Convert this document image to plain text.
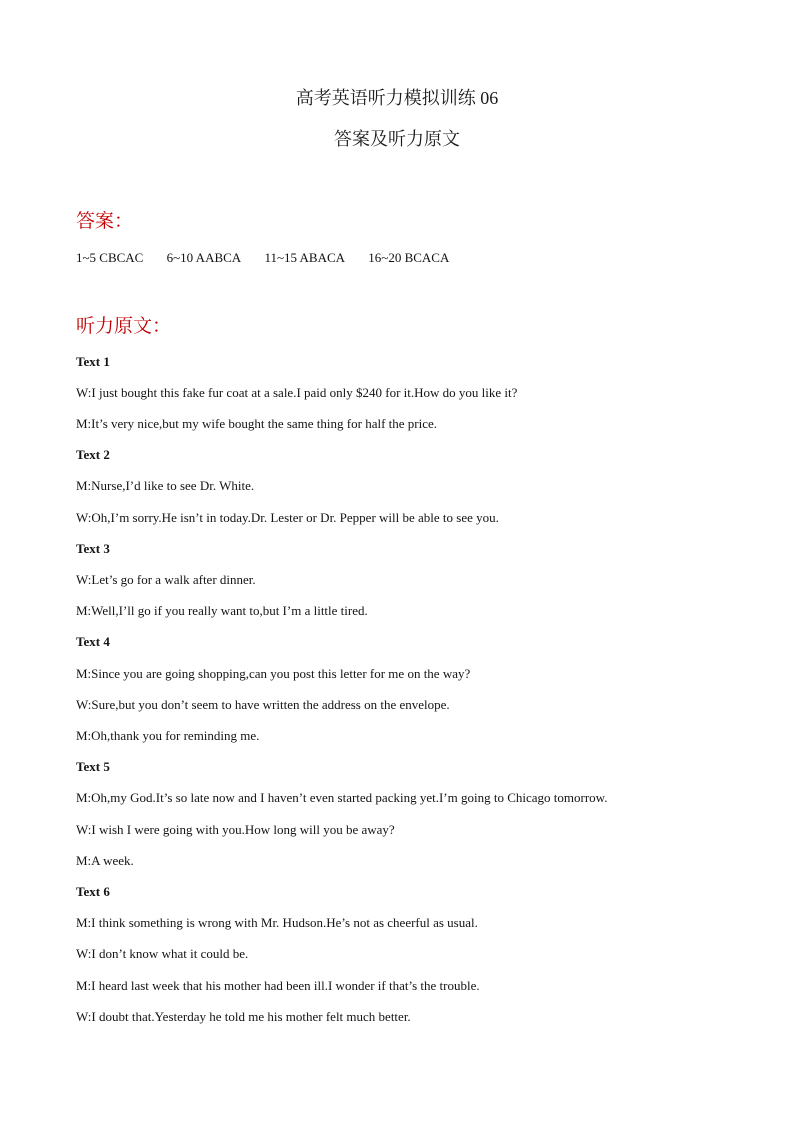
高考英语听力模拟训练 06
答案及听力原文
答案：
1~5 CBCAC 6~10 AABCA 11~15 ABACA 16~20 BCACA
听力原文：
Text 1
W:I just bought this fake fur coat at a sale.I paid only $240 for it.How do you like it?
M:It’s very nice,but my wife bought the same thing for half the price.
Text 2
M:Nurse,I’d like to see Dr. White.
W:Oh,I’m sorry.He isn’t in today.Dr. Lester or Dr. Pepper will be able to see you.
Text 3
W:Let’s go for a walk after dinner.
M:Well,I’ll go if you really want to,but I’m a little tired.
Text 4
M:Since you are going shopping,can you post this letter for me on the way?
W:Sure,but you don’t seem to have written the address on the envelope.
M:Oh,thank you for reminding me.
Text 5
M:Oh,my God.It’s so late now and I haven’t even started packing yet.I’m going to Chicago tomorrow.
W:I wish I were going with you.How long will you be away?
M:A week.
Text 6
M:I think something is wrong with Mr. Hudson.He’s not as cheerful as usual.
W:I don’t know what it could be.
M:I heard last week that his mother had been ill.I wonder if that’s the trouble.
W:I doubt that.Yesterday he told me his mother felt much better.
